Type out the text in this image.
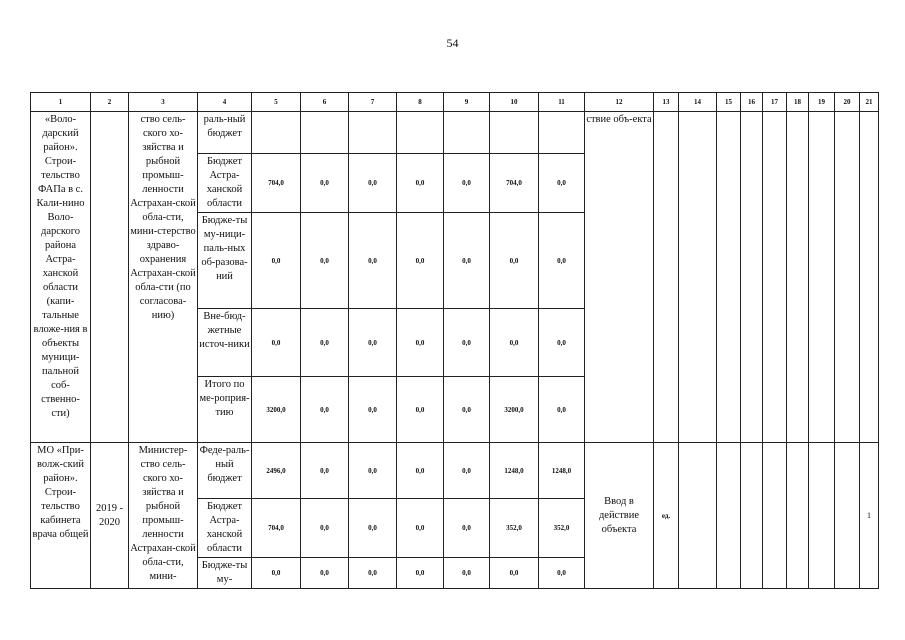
54
1	2	3	4	5	6	7	8	9	10	11	12	13	14	15	16	17	18	19	20	21
«Воло-дарский район». Строи-тельство ФАПа в с. Кали-нино Воло-дарского района Астра-ханской области (капи-тальные вложе-ния в объекты муници-пальной соб-ственно-сти)		ство сель-ского хо-зяйства и рыбной промыш-ленности Астрахан-ской обла-сти, мини-стерство здраво-охранения Астрахан-ской обла-сти (по согласова-нию)	раль-ный бюджет								ствие объ-екта									
			Бюджет Астра-ханской области	704,0	0,0	0,0	0,0	0,0	704,0	0,0										
			Бюдже-ты му-ници-паль-ных об-разова-ний	0,0	0,0	0,0	0,0	0,0	0,0	0,0										
			Вне-бюд-жетные источ-ники	0,0	0,0	0,0	0,0	0,0	0,0	0,0										
			Итого по ме-роприя-тию	3200,0	0,0	0,0	0,0	0,0	3200,0	0,0										
МО «При-волж-ский район». Строи-тельство кабинета врача общей	2019 - 2020	Министер-ство сель-ского хо-зяйства и рыбной промыш-ленности Астрахан-ской обла-сти, мини-	Феде-раль-ный бюджет	2496,0	0,0	0,0	0,0	0,0	1248,0	1248,0	Ввод в действие объекта	ед.								1
			Бюджет Астра-ханской области	704,0	0,0	0,0	0,0	0,0	352,0	352,0										
			Бюдже-ты му-	0,0	0,0	0,0	0,0	0,0	0,0	0,0										
